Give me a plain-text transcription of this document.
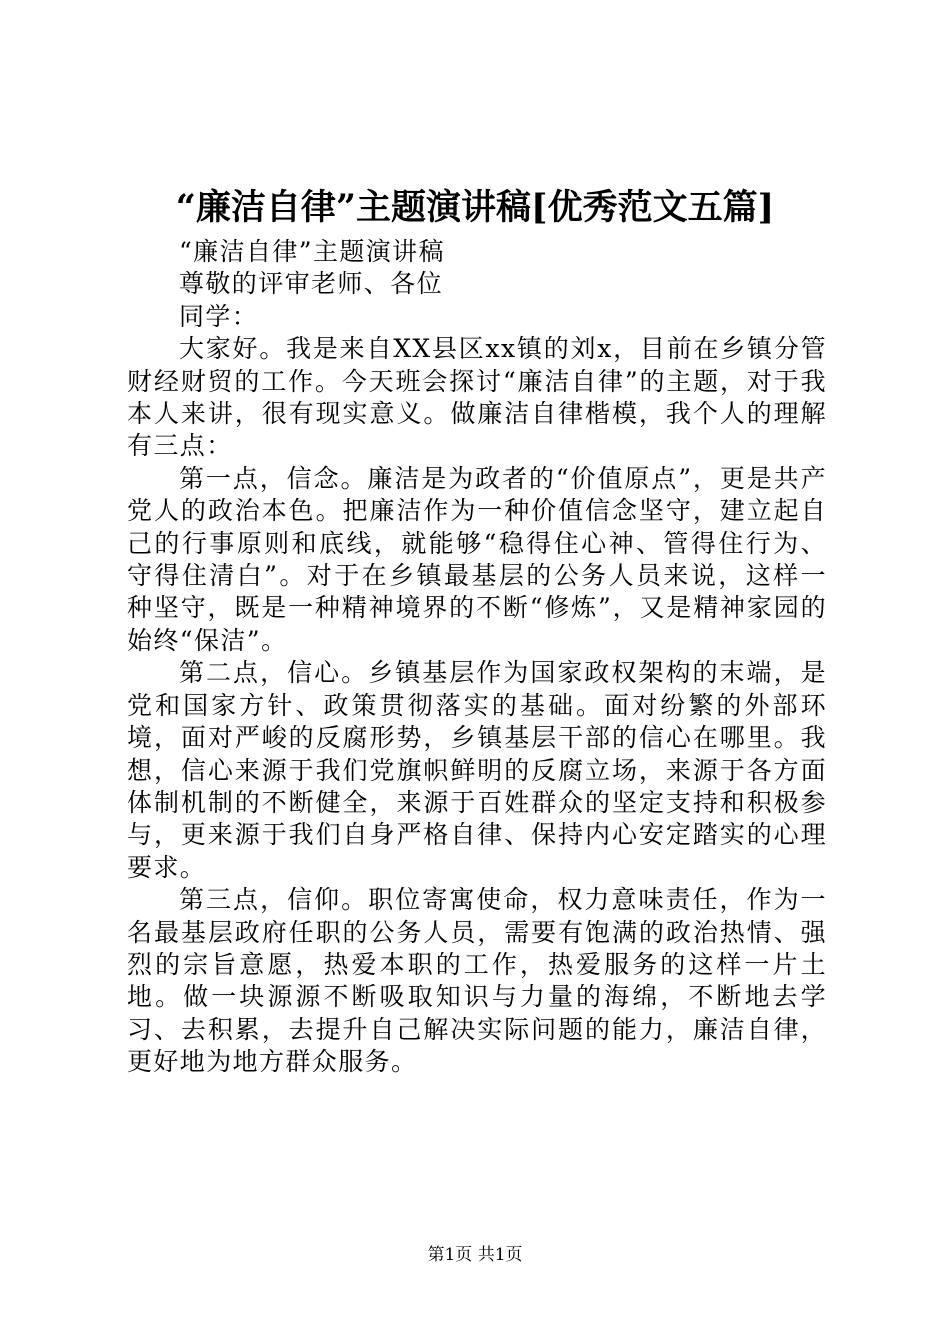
“廉洁自律”主题演讲稿[优秀范文五篇]

“廉洁自律”主题演讲稿

尊敬的评审老师、各位

同学：

大家好。我是来自XX县区xx镇的刘x，目前在乡镇分管财经财贸的工作。今天班会探讨“廉洁自律”的主题，对于我本人来讲，很有现实意义。做廉洁自律楷模，我个人的理解有三点：

第一点，信念。廉洁是为政者的“价值原点”，更是共产党人的政治本色。把廉洁作为一种价值信念坚守，建立起自己的行事原则和底线，就能够“稳得住心神、管得住行为、守得住清白”。对于在乡镇最基层的公务人员来说，这样一种坚守，既是一种精神境界的不断“修炼”，又是精神家园的始终“保洁”。

第二点，信心。乡镇基层作为国家政权架构的末端，是党和国家方针、政策贯彻落实的基础。面对纷繁的外部环境，面对严峻的反腐形势，乡镇基层干部的信心在哪里。我想，信心来源于我们党旗帜鲜明的反腐立场，来源于各方面体制机制的不断健全，来源于百姓群众的坚定支持和积极参与，更来源于我们自身严格自律、保持内心安定踏实的心理要求。

第三点，信仰。职位寄寓使命，权力意味责任，作为一名最基层政府任职的公务人员，需要有饱满的政治热情、强烈的宗旨意愿，热爱本职的工作，热爱服务的这样一片土地。做一块源源不断吸取知识与力量的海绵，不断地去学习、去积累，去提升自己解决实际问题的能力，廉洁自律，更好地为地方群众服务。

第1页 共1页
